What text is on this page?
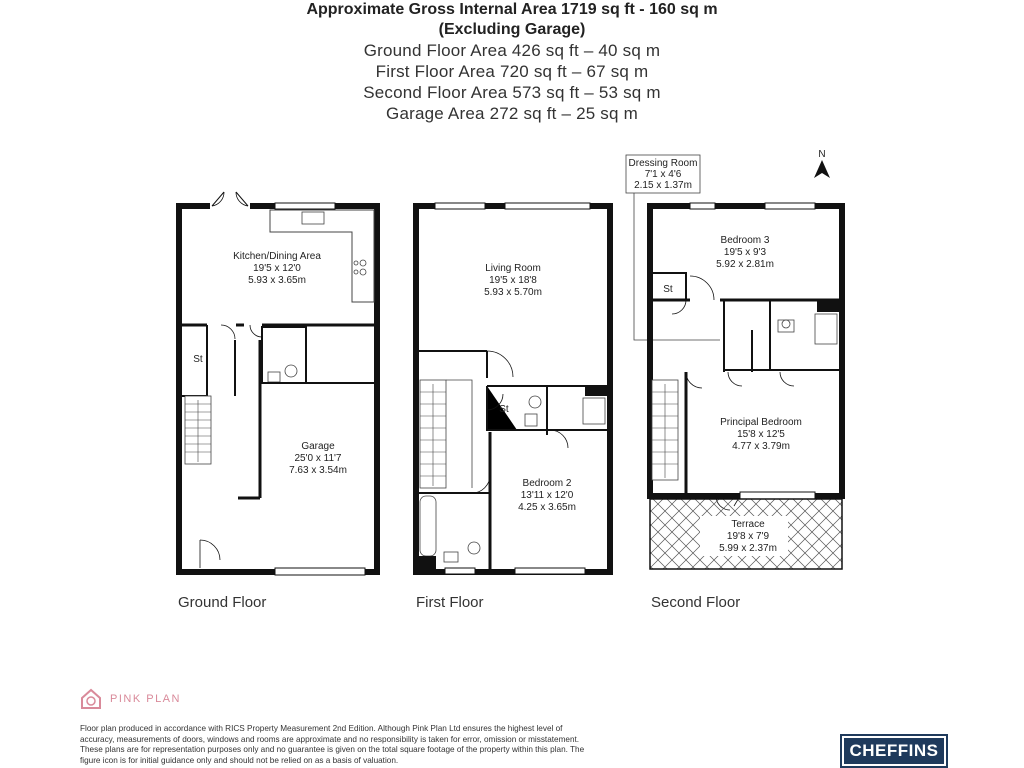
Approximate Gross Internal Area 1719 sq ft - 160 sq m
(Excluding Garage)
Ground Floor Area 426 sq ft – 40 sq m
First Floor Area 720 sq ft – 67 sq m
Second Floor Area 573 sq ft – 53 sq m
Garage Area 272 sq ft – 25 sq m
Kitchen/Dining Area
19'5 x 12'0
5.93 x 3.65m
St
Garage
25'0 x 11'7
7.63 x 3.54m
Ground Floor
Living Room
19'5 x 18'8
5.93 x 5.70m
St
Bedroom 2
13'11 x 12'0
4.25 x 3.65m
First Floor
Dressing Room
7'1 x 4'6
2.15 x 1.37m
N
Bedroom 3
19'5 x 9'3
5.92 x 2.81m
St
Principal Bedroom
15'8 x 12'5
4.77 x 3.79m
Terrace
19'8 x 7'9
5.99 x 2.37m
Second Floor
PINK PLAN
Floor plan produced in accordance with RICS Property Measurement 2nd Edition. Although Pink Plan Ltd ensures the highest level of accuracy, measurements of doors, windows and rooms are approximate and no responsibility is taken for error, omission or misstatement. These plans are for representation purposes only and no guarantee is given on the total square footage of the property within this plan. The figure icon is for initial guidance only and should not be relied on as a basis of valuation.
CHEFFINS
